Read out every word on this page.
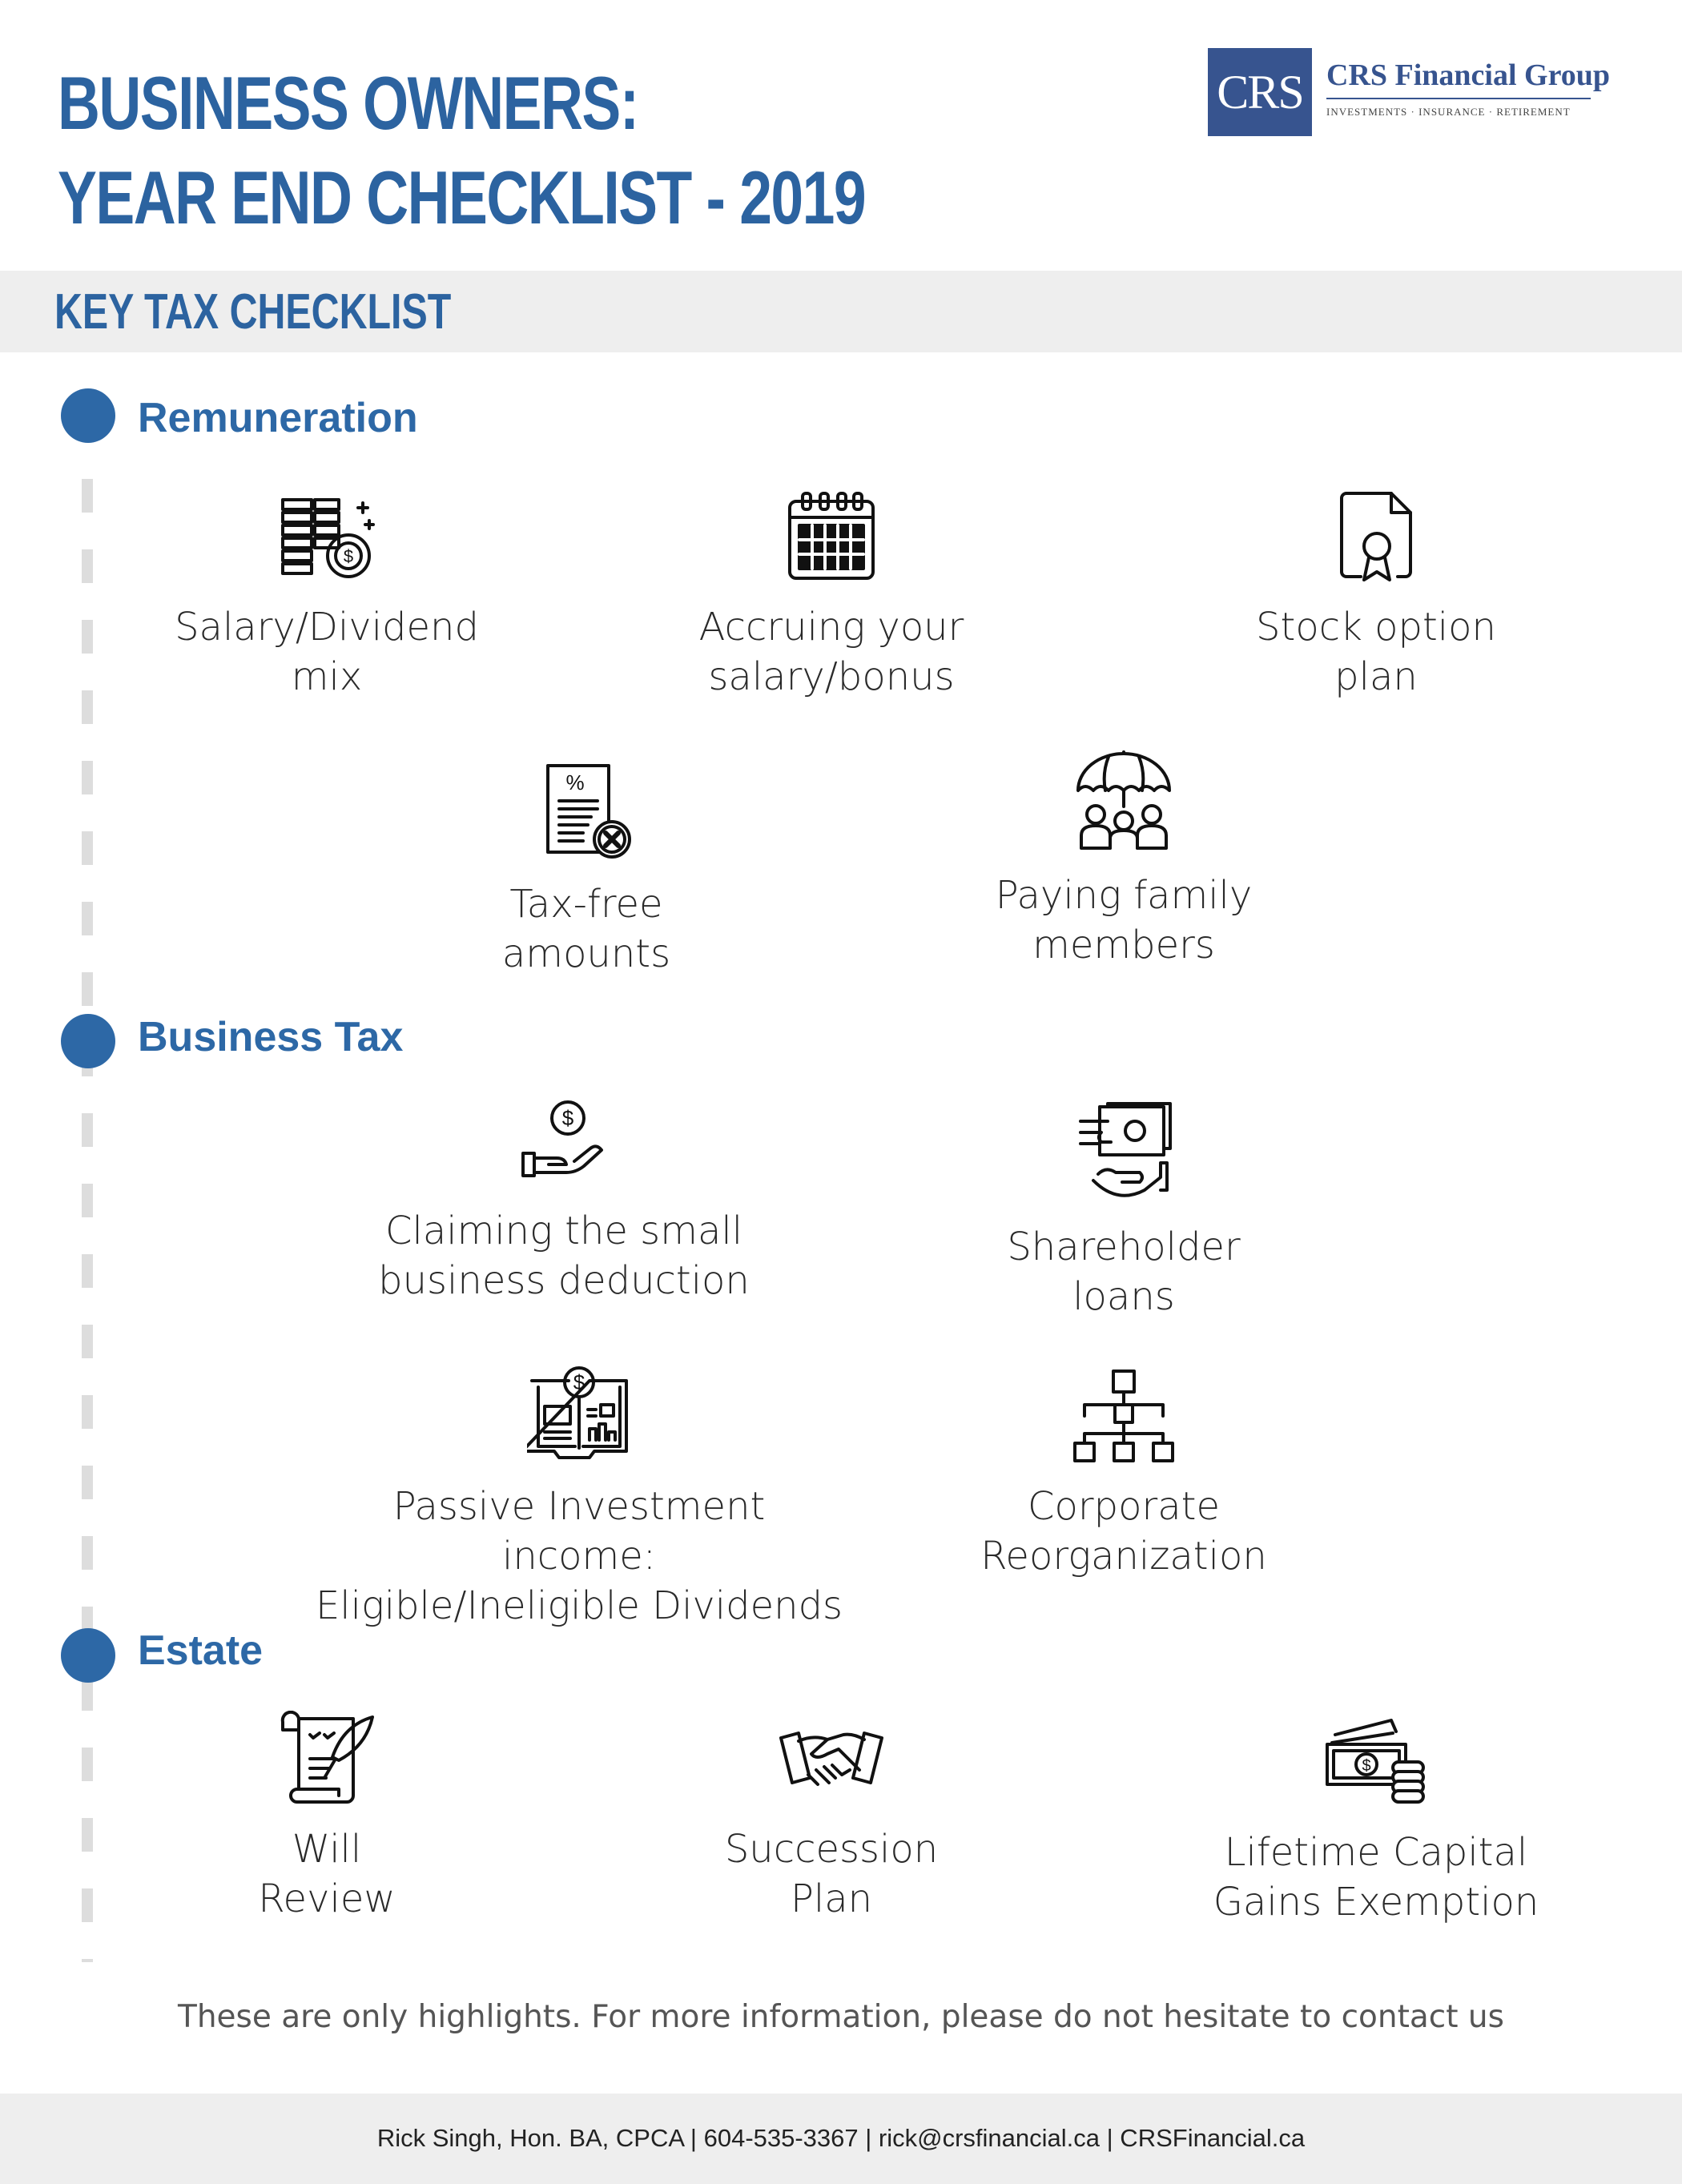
BUSINESS OWNERS:
YEAR END CHECKLIST - 2019
CRS CRS Financial Group
INVESTMENTS · INSURANCE · RETIREMENT
KEY TAX CHECKLIST
Remuneration
$
Salary/Dividend
mix
Accruing your
salary/bonus
Stock option
plan
%
Tax-free
amounts
Paying family
members
Business Tax
$
Claiming the small
business deduction
Shareholder
loans
$
Passive Investment income:
Eligible/Ineligible Dividends
Corporate
Reorganization
Estate
Will
Review
Succession
Plan
$
Lifetime Capital
Gains Exemption
These are only highlights. For more information, please do not hesitate to contact us
Rick Singh, Hon. BA, CPCA | 604-535-3367 | rick@crsfinancial.ca | CRSFinancial.ca
